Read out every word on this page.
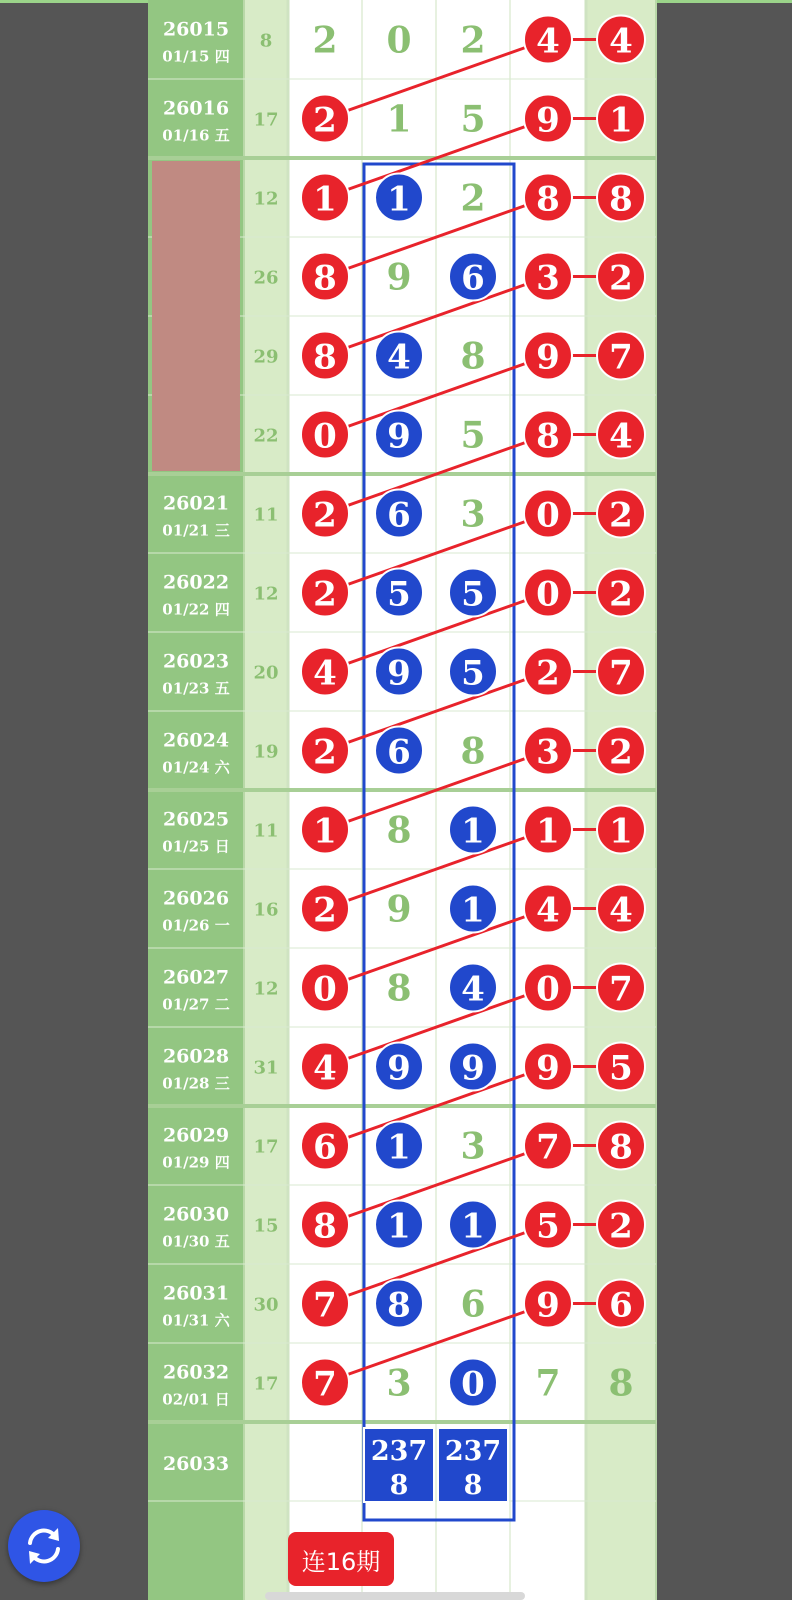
26015
01/15 四
8 2 0 2 4 4
26016
01/16 五
17 2 1 5 9 1
12 1 1 2 8 8
26 8 9 6 3 2
29 8 4 8 9 7
22 0 9 5 8 4
26021
01/21 三
11 2 6 3 0 2
26022
01/22 四
12 2 5 5 0 2
26023
01/23 五
20 4 9 5 2 7
26024
01/24 六
19 2 6 8 3 2
26025
01/25 日
11 1 8 1 1 1
26026
01/26 一
16 2 9 1 4 4
26027
01/27 二
12 0 8 4 0 7
26028
01/28 三
31 4 9 9 9 5
26029
01/29 四
17 6 1 3 7 8
26030
01/30 五
15 8 1 1 5 2
26031
01/31 六
30 7 8 6 9 6
26032
02/01 日
17 7 3 0 7 8
26033	237
8
237
8
连16期
